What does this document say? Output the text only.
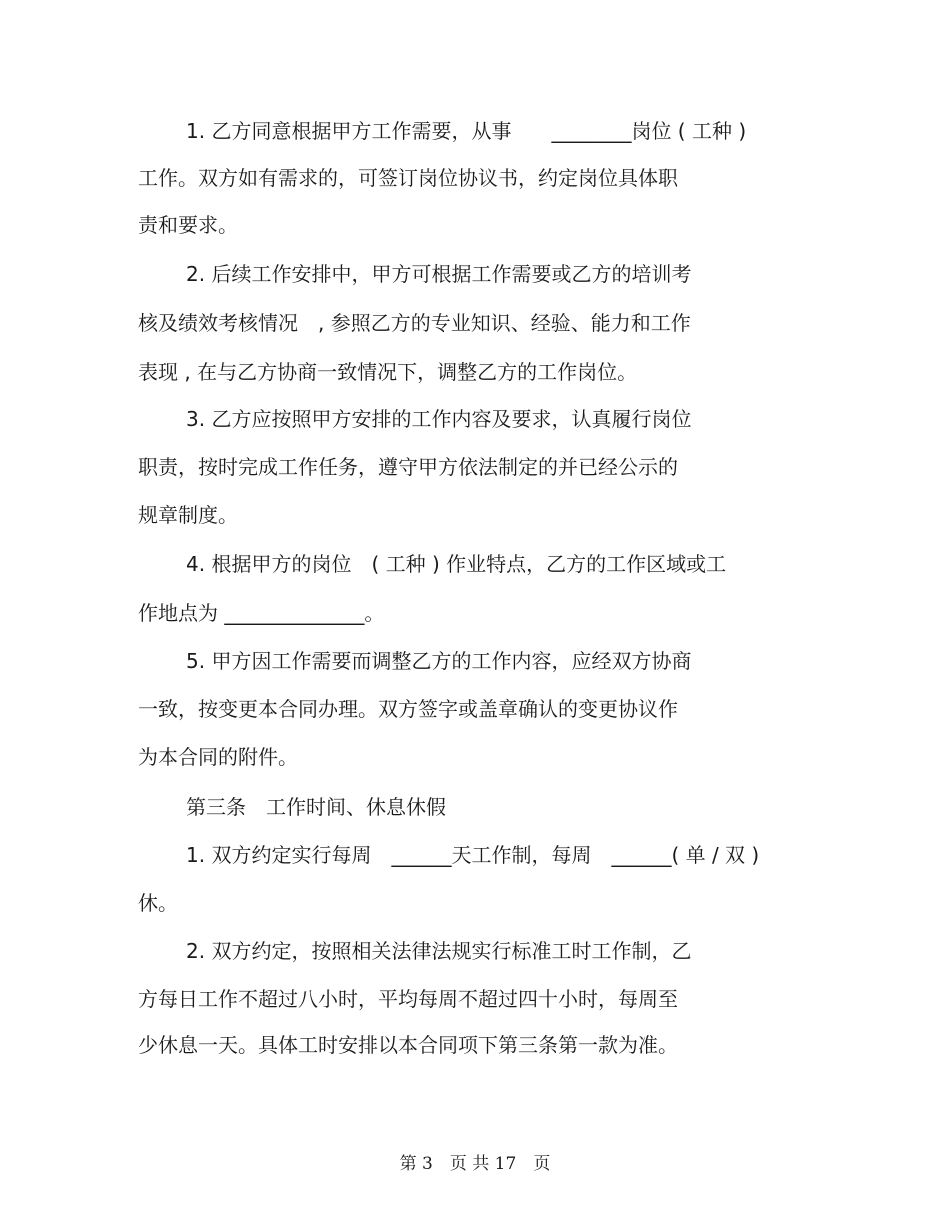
1. 乙方同意根据甲方工作需要，从事　　________岗位 ( 工种 )
工作。双方如有需求的，可签订岗位协议书，约定岗位具体职
责和要求。
2. 后续工作安排中，甲方可根据工作需要或乙方的培训考
核及绩效考核情况　, 参照乙方的专业知识、经验、能力和工作
表现 , 在与乙方协商一致情况下，调整乙方的工作岗位。
3. 乙方应按照甲方安排的工作内容及要求，认真履行岗位
职责，按时完成工作任务，遵守甲方依法制定的并已经公示的
规章制度。
4. 根据甲方的岗位　( 工种 ) 作业特点，乙方的工作区域或工
作地点为 ______________。
5. 甲方因工作需要而调整乙方的工作内容，应经双方协商
一致，按变更本合同办理。双方签字或盖章确认的变更协议作
为本合同的附件。
第三条　工作时间、休息休假
1. 双方约定实行每周　______天工作制，每周　______( 单 / 双 )
休。
2. 双方约定，按照相关法律法规实行标准工时工作制，乙
方每日工作不超过八小时，平均每周不超过四十小时，每周至
少休息一天。具体工时安排以本合同项下第三条第一款为准。
第 3　页 共 17　页
